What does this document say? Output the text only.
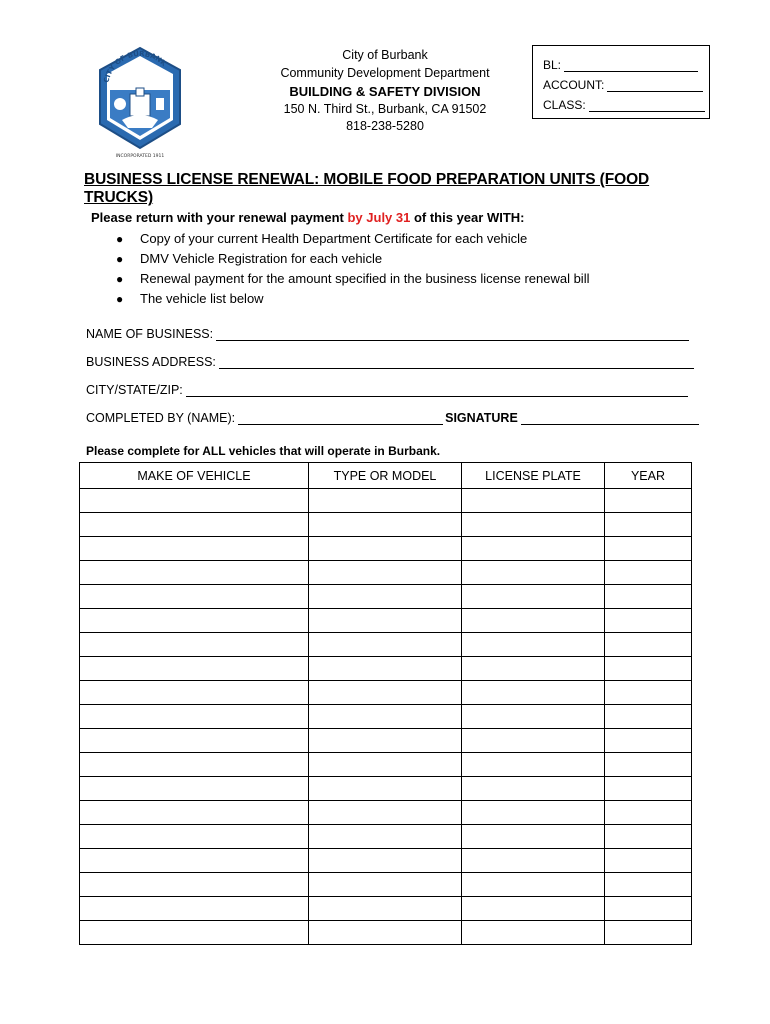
CITY OF BURBANK
INCORPORATED 1911
City of Burbank
Community Development Department
BUILDING & SAFETY DIVISION
150 N. Third St., Burbank, CA 91502
818-238-5280
BL:
ACCOUNT:
CLASS:
BUSINESS LICENSE RENEWAL: MOBILE FOOD PREPARATION UNITS (FOOD TRUCKS)
Please return with your renewal payment by July 31 of this year WITH:
●	Copy of your current Health Department Certificate for each vehicle
●	DMV Vehicle Registration for each vehicle
●	Renewal payment for the amount specified in the business license renewal bill
●	The vehicle list below
NAME OF BUSINESS:
BUSINESS ADDRESS:
CITY/STATE/ZIP:
COMPLETED BY (NAME):	SIGNATURE
Please complete for ALL vehicles that will operate in Burbank.
MAKE OF VEHICLE	TYPE OR MODEL	LICENSE PLATE	YEAR
